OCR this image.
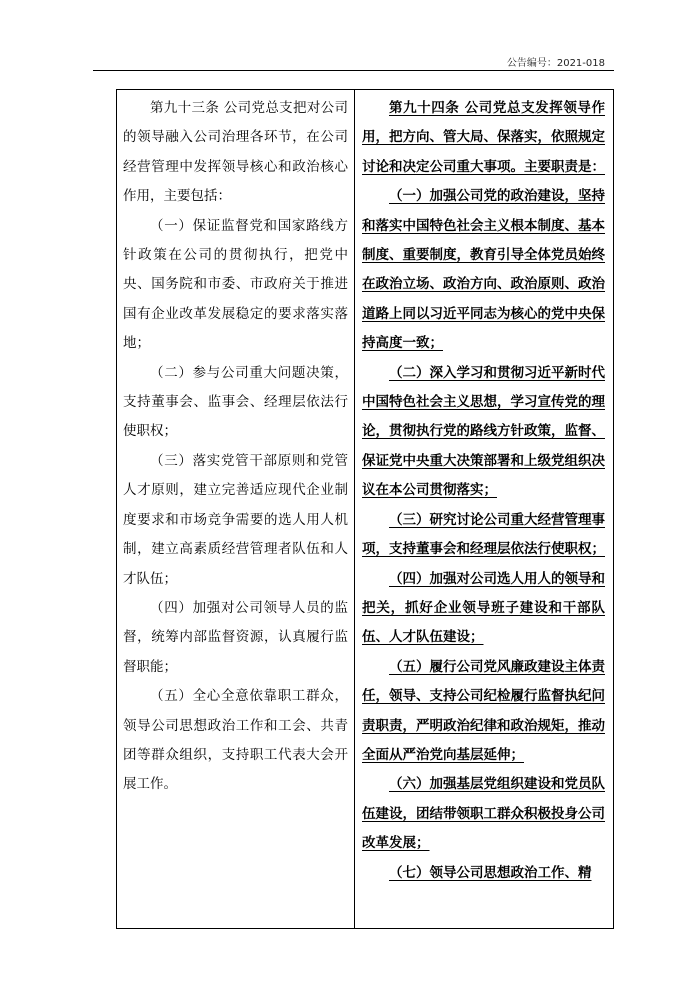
公告编号：2021-018

第九十三条 公司党总支把对公司的领导融入公司治理各环节，在公司经营管理中发挥领导核心和政治核心作用，主要包括：

（一）保证监督党和国家路线方针政策在公司的贯彻执行，把党中央、国务院和市委、市政府关于推进国有企业改革发展稳定的要求落实落地；

（二）参与公司重大问题决策，支持董事会、监事会、经理层依法行使职权；

（三）落实党管干部原则和党管人才原则，建立完善适应现代企业制度要求和市场竞争需要的选人用人机制，建立高素质经营管理者队伍和人才队伍；

（四）加强对公司领导人员的监督，统筹内部监督资源，认真履行监督职能；

（五）全心全意依靠职工群众，领导公司思想政治工作和工会、共青团等群众组织，支持职工代表大会开展工作。

第九十四条 公司党总支发挥领导作用，把方向、管大局、保落实，依照规定讨论和决定公司重大事项。主要职责是：

（一）加强公司党的政治建设，坚持和落实中国特色社会主义根本制度、基本制度、重要制度，教育引导全体党员始终在政治立场、政治方向、政治原则、政治道路上同以习近平同志为核心的党中央保持高度一致；

（二）深入学习和贯彻习近平新时代中国特色社会主义思想，学习宣传党的理论，贯彻执行党的路线方针政策，监督、保证党中央重大决策部署和上级党组织决议在本公司贯彻落实；

（三）研究讨论公司重大经营管理事项，支持董事会和经理层依法行使职权；

（四）加强对公司选人用人的领导和把关，抓好企业领导班子建设和干部队伍、人才队伍建设；

（五）履行公司党风廉政建设主体责任，领导、支持公司纪检履行监督执纪问责职责，严明政治纪律和政治规矩，推动全面从严治党向基层延伸；

（六）加强基层党组织建设和党员队伍建设，团结带领职工群众积极投身公司改革发展；

（七）领导公司思想政治工作、精
